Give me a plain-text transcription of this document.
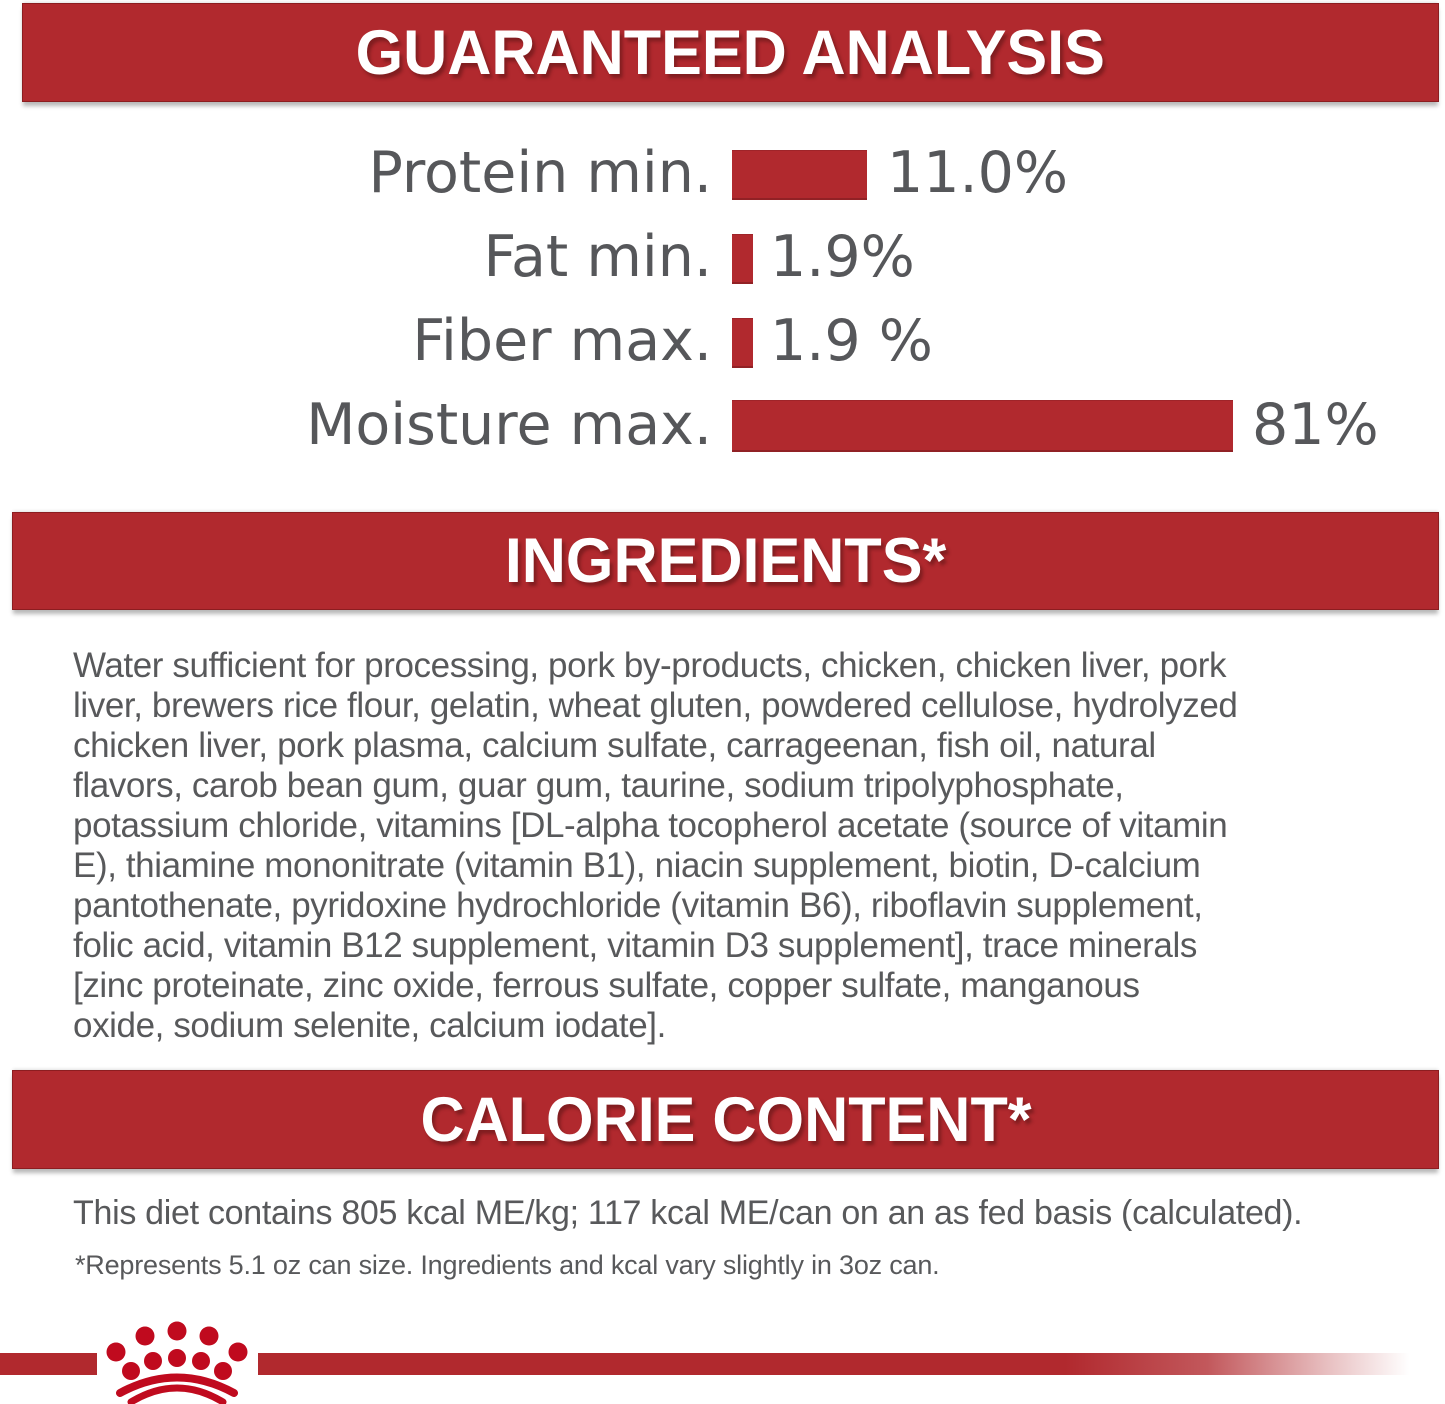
GUARANTEED ANALYSIS
Protein min.	11.0%
Fat min. 1.9%
Fiber max. 1.9 %
Moisture max.	81%
INGREDIENTS*
Water sufficient for processing, pork by-products, chicken, chicken liver, pork
liver, brewers rice flour, gelatin, wheat gluten, powdered cellulose, hydrolyzed
chicken liver, pork plasma, calcium sulfate, carrageenan, fish oil, natural
flavors, carob bean gum, guar gum, taurine, sodium tripolyphosphate,
potassium chloride, vitamins [DL-alpha tocopherol acetate (source of vitamin
E), thiamine mononitrate (vitamin B1), niacin supplement, biotin, D-calcium
pantothenate, pyridoxine hydrochloride (vitamin B6), riboflavin supplement,
folic acid, vitamin B12 supplement, vitamin D3 supplement], trace minerals
[zinc proteinate, zinc oxide, ferrous sulfate, copper sulfate, manganous
oxide, sodium selenite, calcium iodate].
CALORIE CONTENT*
This diet contains 805 kcal ME/kg; 117 kcal ME/can on an as fed basis (calculated).
*Represents 5.1 oz can size. Ingredients and kcal vary slightly in 3oz can.
